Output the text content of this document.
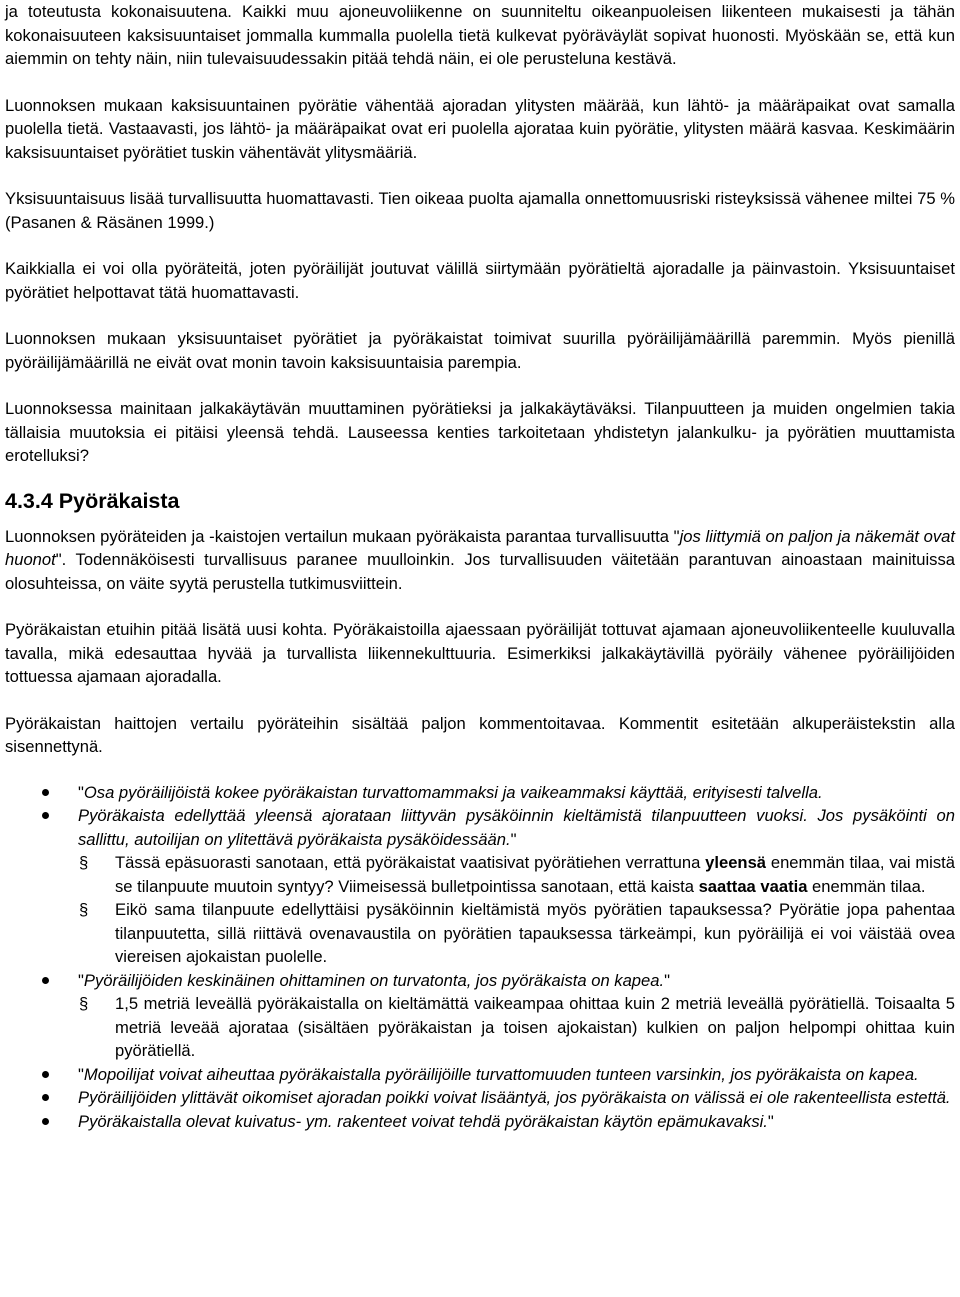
ja toteutusta kokonaisuutena. Kaikki muu ajoneuvoliikenne on suunniteltu oikeanpuoleisen liikenteen mukaisesti ja tähän kokonaisuuteen kaksisuuntaiset jommalla kummalla puolella tietä kulkevat pyöräväylät sopivat huonosti. Myöskään se, että kun aiemmin on tehty näin, niin tulevaisuudessakin pitää tehdä näin, ei ole perusteluna kestävä.

Luonnoksen mukaan kaksisuuntainen pyörätie vähentää ajoradan ylitysten määrää, kun lähtö- ja määräpaikat ovat samalla puolella tietä. Vastaavasti, jos lähtö- ja määräpaikat ovat eri puolella ajorataa kuin pyörätie, ylitysten määrä kasvaa. Keskimäärin kaksisuuntaiset pyörätiet tuskin vähentävät ylitysmääriä.

Yksisuuntaisuus lisää turvallisuutta huomattavasti. Tien oikeaa puolta ajamalla onnettomuusriski risteyksissä vähenee miltei 75 % (Pasanen & Räsänen 1999.)

Kaikkialla ei voi olla pyöräteitä, joten pyöräilijät joutuvat välillä siirtymään pyörätieltä ajoradalle ja päinvastoin. Yksisuuntaiset pyörätiet helpottavat tätä huomattavasti.

Luonnoksen mukaan yksisuuntaiset pyörätiet ja pyöräkaistat toimivat suurilla pyöräilijämäärillä paremmin. Myös pienillä pyöräilijämäärillä ne eivät ovat monin tavoin kaksisuuntaisia parempia.

Luonnoksessa mainitaan jalkakäytävän muuttaminen pyörätieksi ja jalkakäytäväksi. Tilanpuutteen ja muiden ongelmien takia tällaisia muutoksia ei pitäisi yleensä tehdä. Lauseessa kenties tarkoitetaan yhdistetyn jalankulku- ja pyörätien muuttamista erotelluksi?

4.3.4 Pyöräkaista

Luonnoksen pyöräteiden ja -kaistojen vertailun mukaan pyöräkaista parantaa turvallisuutta "jos liittymiä on paljon ja näkemät ovat huonot". Todennäköisesti turvallisuus paranee muulloinkin. Jos turvallisuuden väitetään parantuvan ainoastaan mainituissa olosuhteissa, on väite syytä perustella tutkimusviittein.

Pyöräkaistan etuihin pitää lisätä uusi kohta. Pyöräkaistoilla ajaessaan pyöräilijät tottuvat ajamaan ajoneuvoliikenteelle kuuluvalla tavalla, mikä edesauttaa hyvää ja turvallista liikennekulttuuria. Esimerkiksi jalkakäytävillä pyöräily vähenee pyöräilijöiden tottuessa ajamaan ajoradalla.

Pyöräkaistan haittojen vertailu pyöräteihin sisältää paljon kommentoitavaa. Kommentit esitetään alkuperäistekstin alla sisennettynä.

"Osa pyöräilijöistä kokee pyöräkaistan turvattomammaksi ja vaikeammaksi käyttää, erityisesti talvella.
Pyöräkaista edellyttää yleensä ajorataan liittyvän pysäköinnin kieltämistä tilanpuutteen vuoksi. Jos pysäköinti on sallittu, autoilijan on ylitettävä pyöräkaista pysäköidessään."
§ Tässä epäsuorasti sanotaan, että pyöräkaistat vaatisivat pyörätiehen verrattuna yleensä enemmän tilaa, vai mistä se tilanpuute muutoin syntyy? Viimeisessä bulletpointissa sanotaan, että kaista saattaa vaatia enemmän tilaa.
§ Eikö sama tilanpuute edellyttäisi pysäköinnin kieltämistä myös pyörätien tapauksessa? Pyörätie jopa pahentaa tilanpuutetta, sillä riittävä ovenavaustila on pyörätien tapauksessa tärkeämpi, kun pyöräilijä ei voi väistää ovea viereisen ajokaistan puolelle.
"Pyöräilijöiden keskinäinen ohittaminen on turvatonta, jos pyöräkaista on kapea."
§ 1,5 metriä leveällä pyöräkaistalla on kieltämättä vaikeampaa ohittaa kuin 2 metriä leveällä pyörätiellä. Toisaalta 5 metriä leveää ajorataa (sisältäen pyöräkaistan ja toisen ajokaistan) kulkien on paljon helpompi ohittaa kuin pyörätiellä.
"Mopoilijat voivat aiheuttaa pyöräkaistalla pyöräilijöille turvattomuuden tunteen varsinkin, jos pyöräkaista on kapea.
Pyöräilijöiden ylittävät oikomiset ajoradan poikki voivat lisääntyä, jos pyöräkaista on välissä ei ole rakenteellista estettä.
Pyöräkaistalla olevat kuivatus- ym. rakenteet voivat tehdä pyöräkaistan käytön epämukavaksi."
